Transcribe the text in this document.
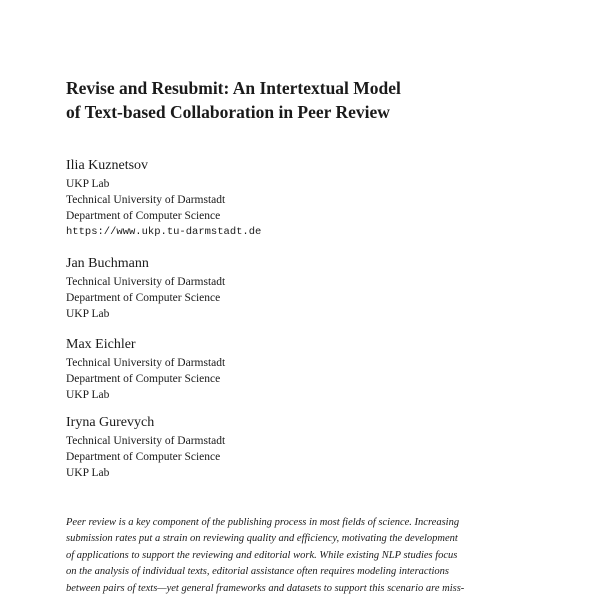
Revise and Resubmit: An Intertextual Model
of Text-based Collaboration in Peer Review

Ilia Kuznetsov

UKP Lab

Technical University of Darmstadt

Department of Computer Science

https://www.ukp.tu-darmstadt.de

Jan Buchmann

Technical University of Darmstadt

Department of Computer Science

UKP Lab

Max Eichler

Technical University of Darmstadt

Department of Computer Science

UKP Lab

Iryna Gurevych

Technical University of Darmstadt

Department of Computer Science

UKP Lab

Peer review is a key component of the publishing process in most fields of science. Increasing
submission rates put a strain on reviewing quality and efficiency, motivating the development
of applications to support the reviewing and editorial work. While existing NLP studies focus
on the analysis of individual texts, editorial assistance often requires modeling interactions
between pairs of texts—yet general frameworks and datasets to support this scenario are miss-
